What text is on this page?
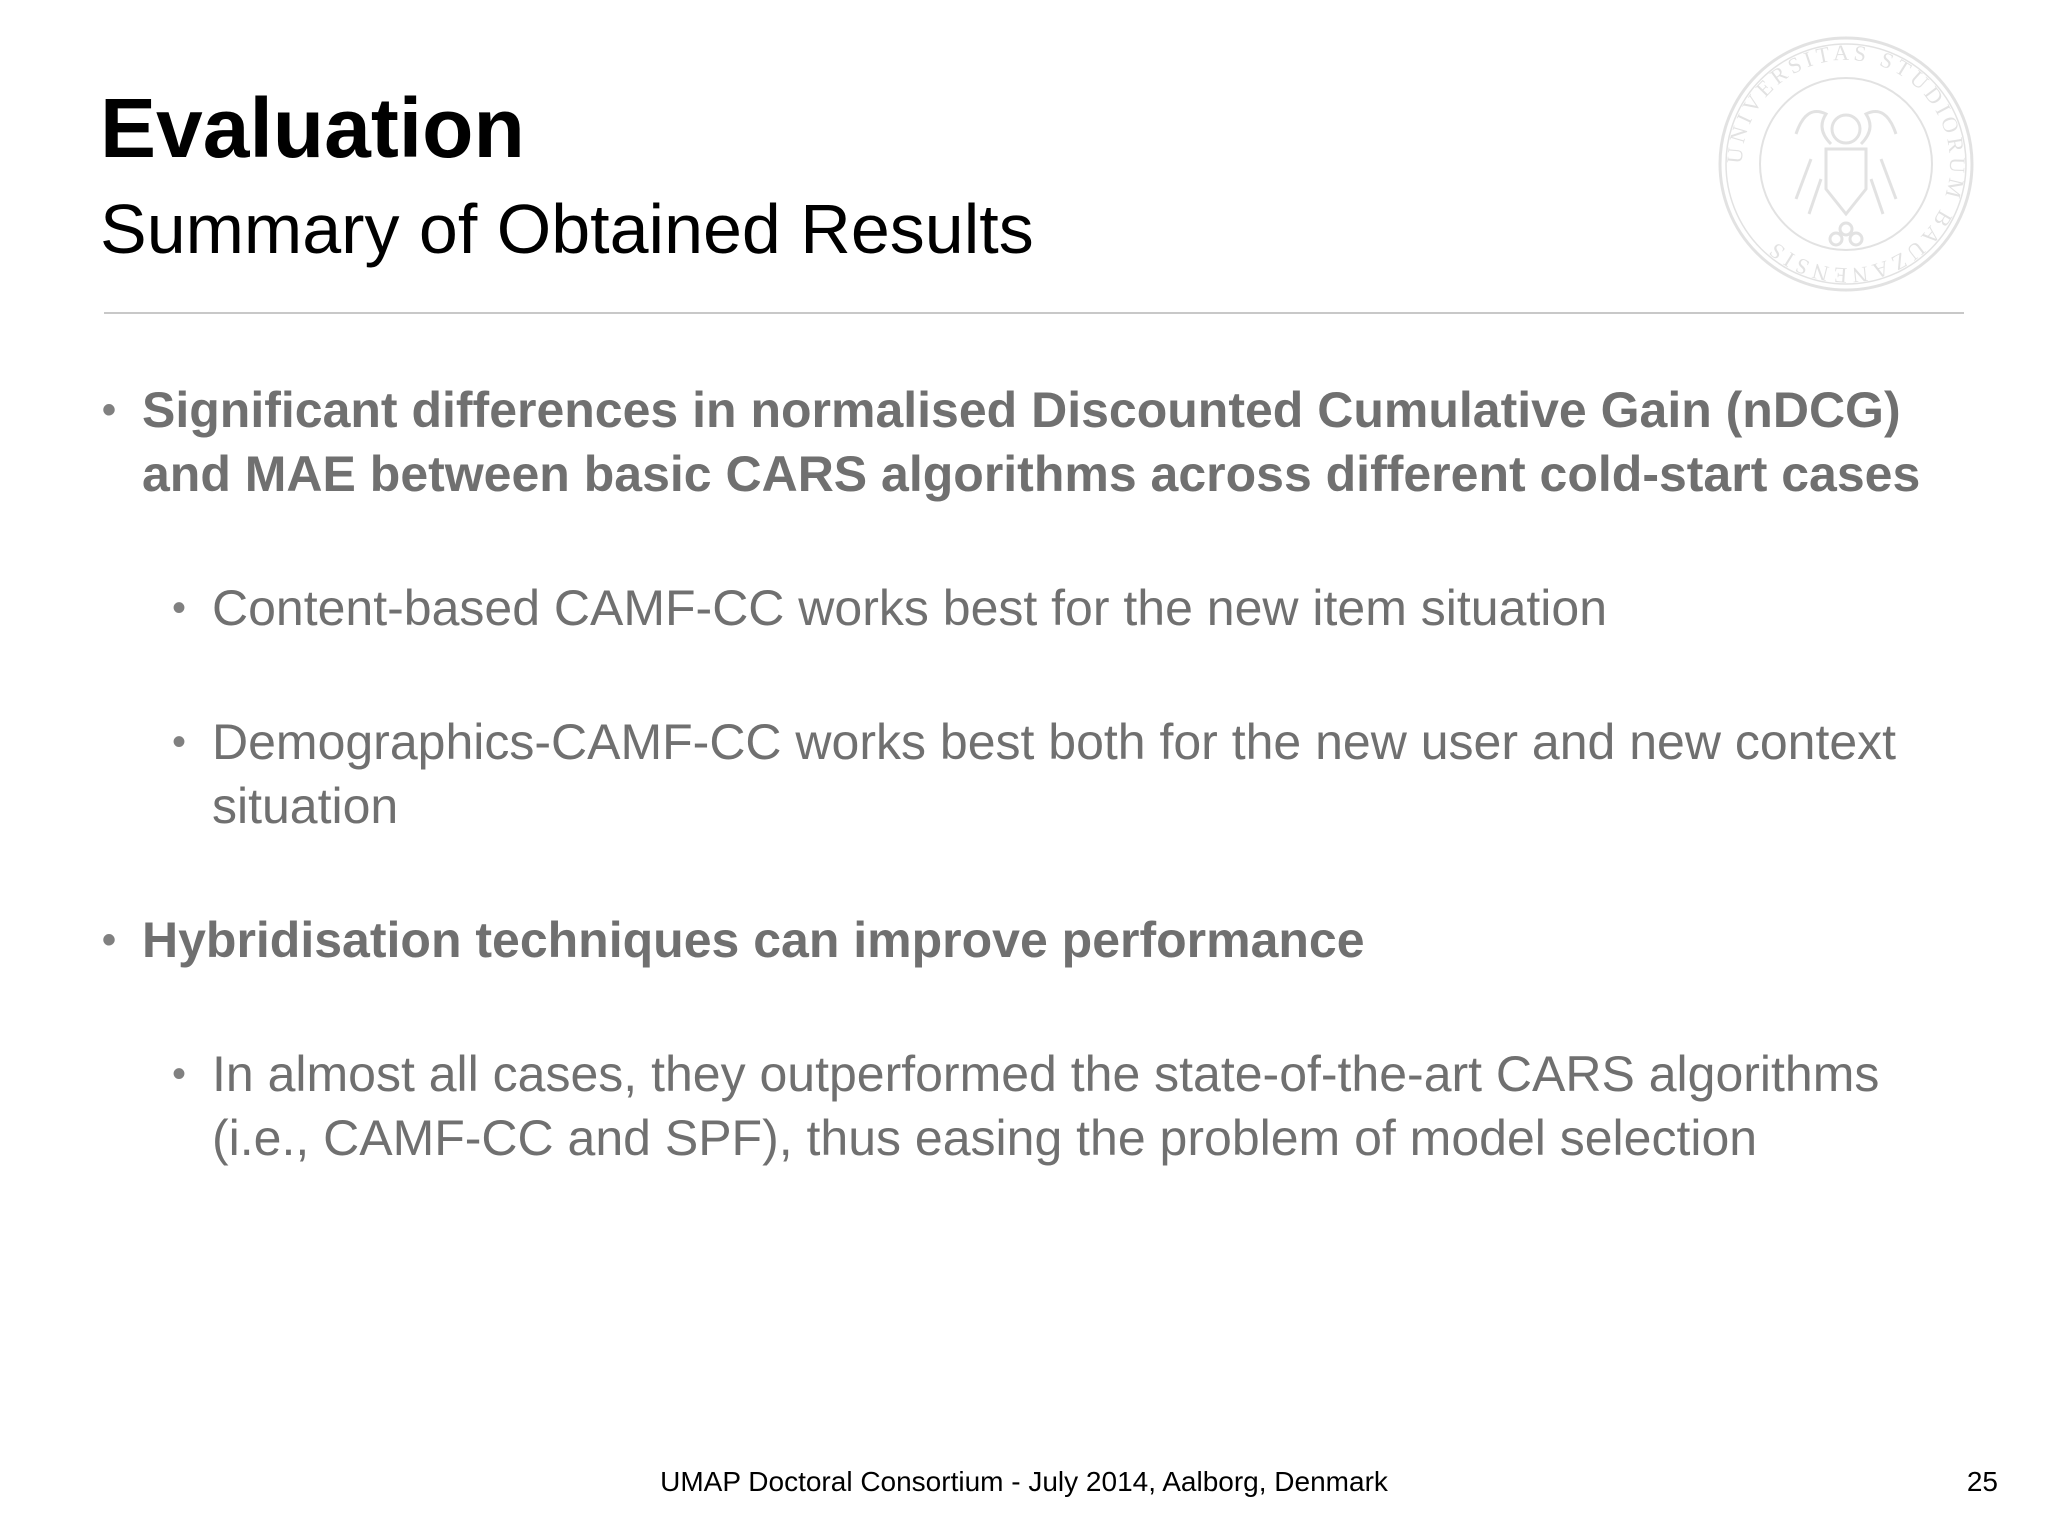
Evaluation
Summary of Obtained Results
UNIVERSITAS STUDIORUM BAUZANENSIS
• Significant differences in normalised Discounted Cumulative Gain (nDCG) and MAE between basic CARS algorithms across different cold-start cases
• Content-based CAMF-CC works best for the new item situation
• Demographics-CAMF-CC works best both for the new user and new context situation
• Hybridisation techniques can improve performance
• In almost all cases, they outperformed the state-of-the-art CARS algorithms (i.e., CAMF-CC and SPF), thus easing the problem of model selection
UMAP Doctoral Consortium - July 2014, Aalborg, Denmark	25
